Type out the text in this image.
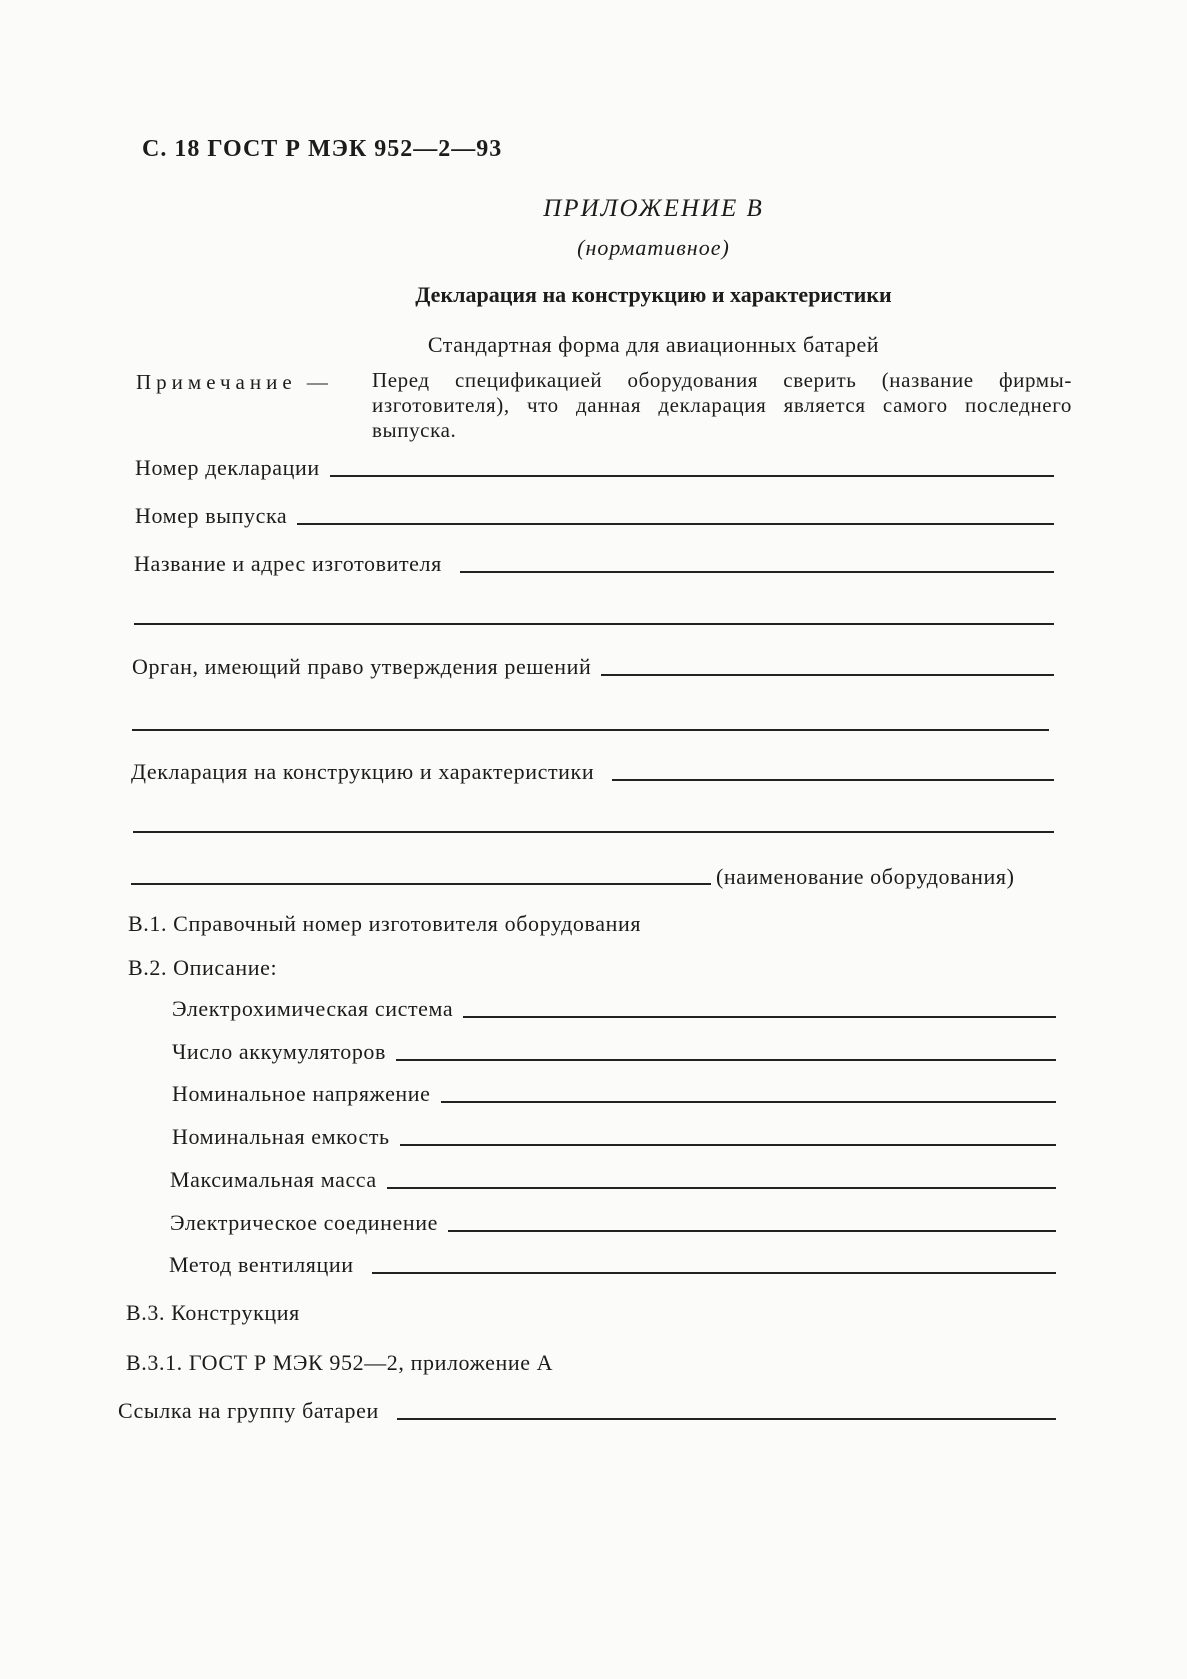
С. 18 ГОСТ Р МЭК 952—2—93
ПРИЛОЖЕНИЕ В
(нормативное)
Декларация на конструкцию и характеристики
Стандартная форма для авиационных батарей
Примечание — Перед спецификацией оборудования сверить (название фирмы-изготовителя), что данная декларация является самого последнего выпуска.
Номер декларации
Номер выпуска
Название и адрес изготовителя
Орган, имеющий право утверждения решений
Декларация на конструкцию и характеристики
(наименование оборудования)
В.1. Справочный номер изготовителя оборудования
В.2. Описание:
Электрохимическая система
Число аккумуляторов
Номинальное напряжение
Номинальная емкость
Максимальная масса
Электрическое соединение
Метод вентиляции
В.3. Конструкция
В.3.1. ГОСТ Р МЭК 952—2, приложение А
Ссылка на группу батареи
